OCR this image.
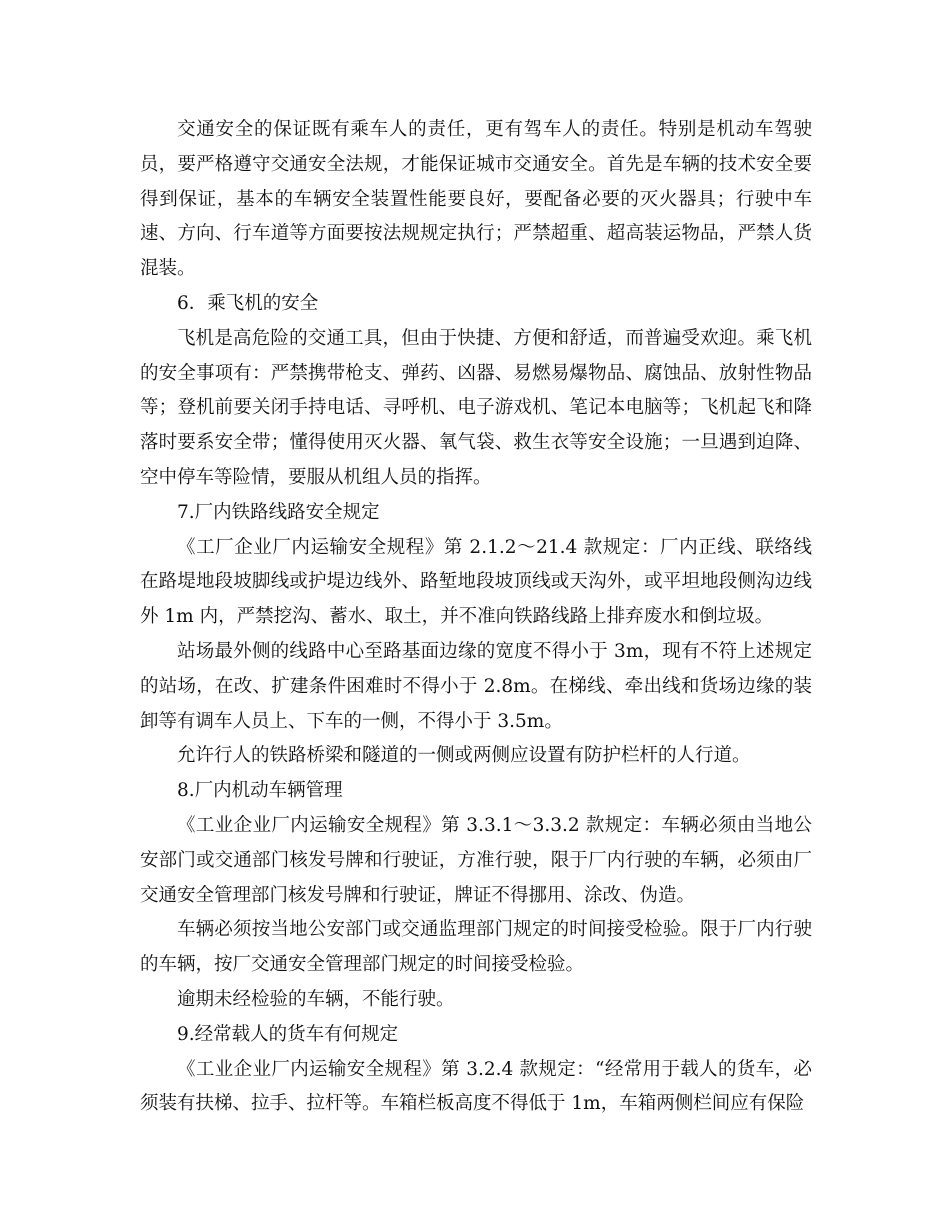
交通安全的保证既有乘车人的责任，更有驾车人的责任。特别是机动车驾驶员，要严格遵守交通安全法规，才能保证城市交通安全。首先是车辆的技术安全要得到保证，基本的车辆安全装置性能要良好，要配备必要的灭火器具；行驶中车速、方向、行车道等方面要按法规规定执行；严禁超重、超高装运物品，严禁人货混装。

6．乘飞机的安全

飞机是高危险的交通工具，但由于快捷、方便和舒适，而普遍受欢迎。乘飞机的安全事项有：严禁携带枪支、弹药、凶器、易燃易爆物品、腐蚀品、放射性物品等；登机前要关闭手持电话、寻呼机、电子游戏机、笔记本电脑等；飞机起飞和降落时要系安全带；懂得使用灭火器、氧气袋、救生衣等安全设施；一旦遇到迫降、空中停车等险情，要服从机组人员的指挥。

7.厂内铁路线路安全规定

《工厂企业厂内运输安全规程》第 2.1.2～21.4 款规定：厂内正线、联络线在路堤地段坡脚线或护堤边线外、路堑地段坡顶线或天沟外，或平坦地段侧沟边线外 1m 内，严禁挖沟、蓄水、取土，并不准向铁路线路上排弃废水和倒垃圾。

站场最外侧的线路中心至路基面边缘的宽度不得小于 3m，现有不符上述规定的站场，在改、扩建条件困难时不得小于 2.8m。在梯线、牵出线和货场边缘的装卸等有调车人员上、下车的一侧，不得小于 3.5m。

允许行人的铁路桥梁和隧道的一侧或两侧应设置有防护栏杆的人行道。

8.厂内机动车辆管理

《工业企业厂内运输安全规程》第 3.3.1～3.3.2 款规定：车辆必须由当地公安部门或交通部门核发号牌和行驶证，方准行驶，限于厂内行驶的车辆，必须由厂交通安全管理部门核发号牌和行驶证，牌证不得挪用、涂改、伪造。

车辆必须按当地公安部门或交通监理部门规定的时间接受检验。限于厂内行驶的车辆，按厂交通安全管理部门规定的时间接受检验。

逾期未经检验的车辆，不能行驶。

9.经常载人的货车有何规定

《工业企业厂内运输安全规程》第 3.2.4 款规定：“经常用于载人的货车，必须装有扶梯、拉手、拉杆等。车箱栏板高度不得低于 1m，车箱两侧栏间应有保险
